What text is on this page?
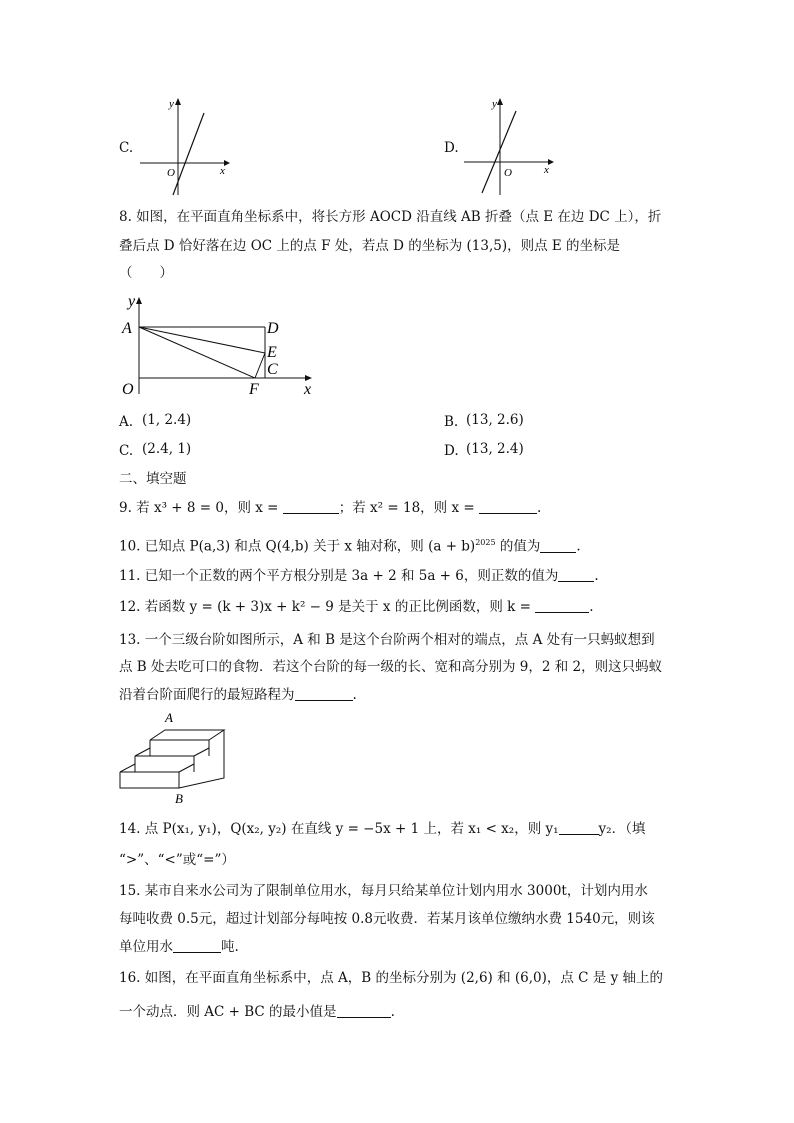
C.
y
x
O
D.
y
x
O
8. 如图，在平面直角坐标系中，将长方形 AOCD 沿直线 AB 折叠（点 E 在边 DC 上），折
叠后点 D 恰好落在边 OC 上的点 F 处，若点 D 的坐标为 (13,5)，则点 E 的坐标是
（　　）
y
A	D
E
C
O	F	x
A. (1, 2.4)	B. (13, 2.6)
C. (2.4, 1)	D. (13, 2.4)
二、填空题
9. 若 x³ + 8 = 0，则 x =	；若 x² = 18，则 x =	.
10. 已知点 P(a,3) 和点 Q(4,b) 关于 x 轴对称，则 $(a + b)^{2025}$ 的值为	.
11. 已知一个正数的两个平方根分别是 3a + 2 和 5a + 6，则正数的值为	.
12. 若函数 y = (k + 3)x + k² − 9 是关于 x 的正比例函数，则 k =	.
13. 一个三级台阶如图所示，A 和 B 是这个台阶两个相对的端点，点 A 处有一只蚂蚁想到
点 B 处去吃可口的食物．若这个台阶的每一级的长、宽和高分别为 9，2 和 2，则这只蚂蚁
沿着台阶面爬行的最短路程为	.
A
B
14. 点 P(x₁, y₁)，Q(x₂, y₂) 在直线 y = −5x + 1 上，若 x₁ < x₂，则 y₁	y₂．（填
“>”、“<”或“=”）
15. 某市自来水公司为了限制单位用水，每月只给某单位计划内用水 3000t，计划内用水
每吨收费 0.5元，超过计划部分每吨按 0.8元收费．若某月该单位缴纳水费 1540元，则该
单位用水	吨.
16. 如图，在平面直角坐标系中，点 A，B 的坐标分别为 (2,6) 和 (6,0)，点 C 是 y 轴上的
一个动点．则 AC + BC 的最小值是	.
